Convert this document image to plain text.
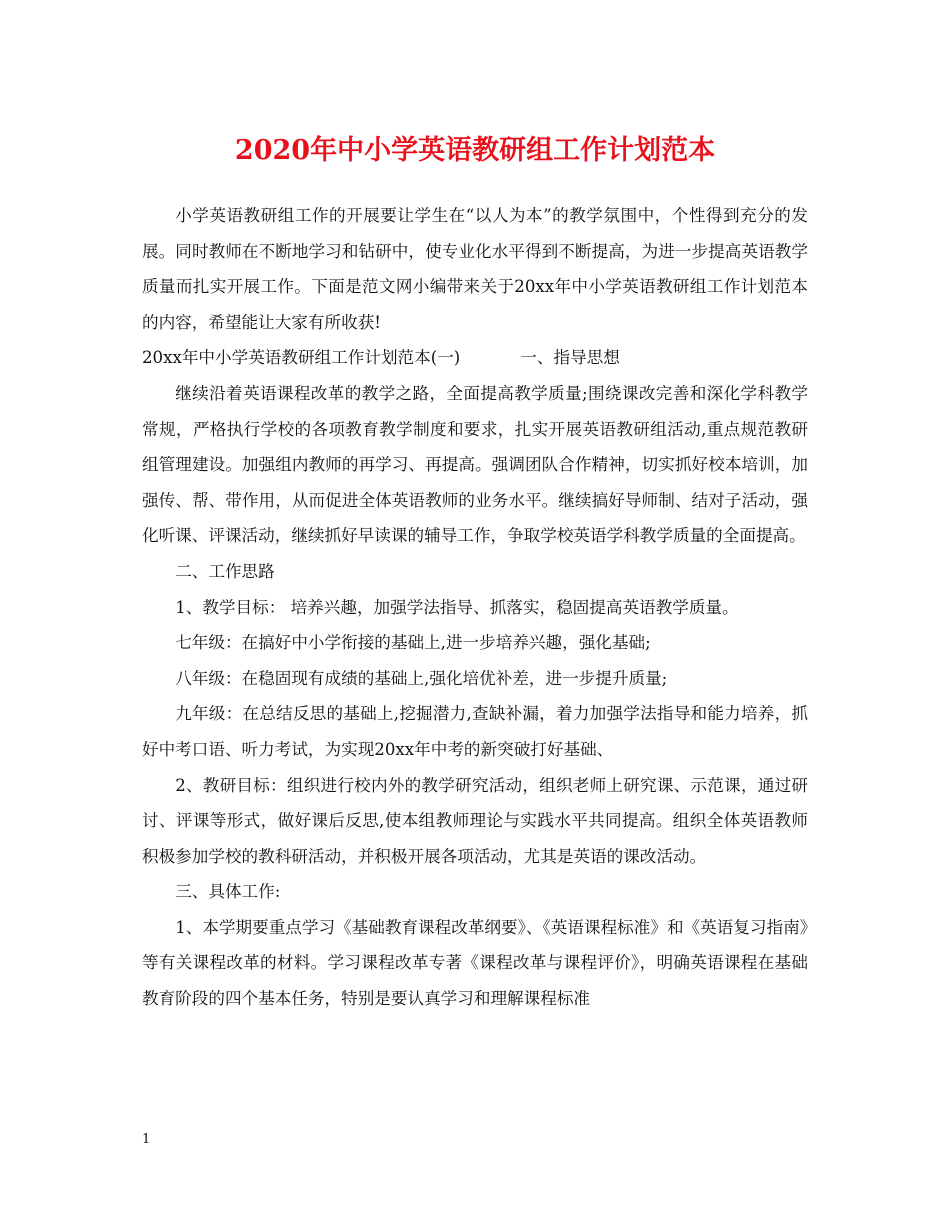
2020年中小学英语教研组工作计划范本

小学英语教研组工作的开展要让学生在“以人为本”的教学氛围中，个性得到充分的发展。同时教师在不断地学习和钻研中，使专业化水平得到不断提高，为进一步提高英语教学质量而扎实开展工作。下面是范文网小编带来关于20xx年中小学英语教研组工作计划范本的内容，希望能让大家有所收获!

20xx年中小学英语教研组工作计划范本(一)	一、指导思想

继续沿着英语课程改革的教学之路，全面提高教学质量;围绕课改完善和深化学科教学常规，严格执行学校的各项教育教学制度和要求，扎实开展英语教研组活动,重点规范教研组管理建设。加强组内教师的再学习、再提高。强调团队合作精神，切实抓好校本培训，加强传、帮、带作用，从而促进全体英语教师的业务水平。继续搞好导师制、结对子活动，强化听课、评课活动，继续抓好早读课的辅导工作，争取学校英语学科教学质量的全面提高。

二、工作思路

1、教学目标： 培养兴趣，加强学法指导、抓落实，稳固提高英语教学质量。

七年级：在搞好中小学衔接的基础上,进一步培养兴趣，强化基础;

八年级：在稳固现有成绩的基础上,强化培优补差，进一步提升质量;

九年级：在总结反思的基础上,挖掘潜力,查缺补漏，着力加强学法指导和能力培养，抓好中考口语、听力考试，为实现20xx年中考的新突破打好基础、

2、教研目标：组织进行校内外的教学研究活动，组织老师上研究课、示范课，通过研讨、评课等形式，做好课后反思,使本组教师理论与实践水平共同提高。组织全体英语教师积极参加学校的教科研活动，并积极开展各项活动，尤其是英语的课改活动。

三、具体工作:

1、本学期要重点学习《基础教育课程改革纲要》、《英语课程标准》和《英语复习指南》等有关课程改革的材料。学习课程改革专著《课程改革与课程评价》，明确英语课程在基础教育阶段的四个基本任务，特别是要认真学习和理解课程标准

1
